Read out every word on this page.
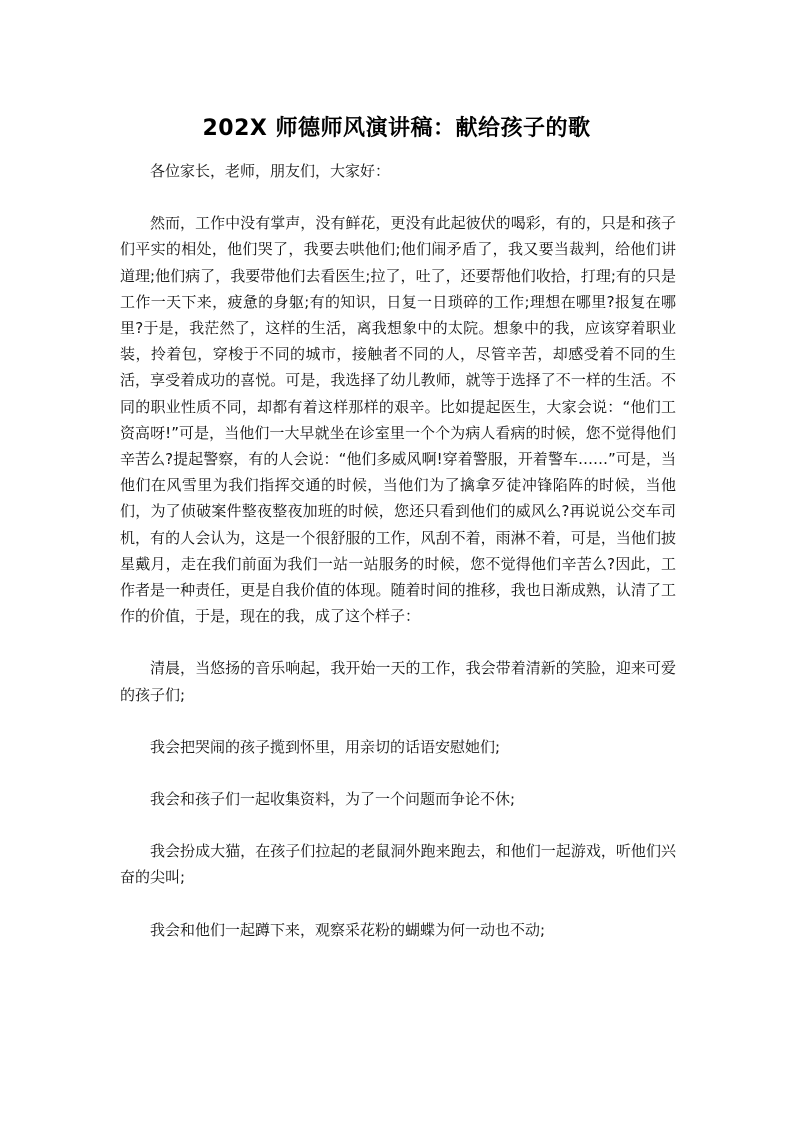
202X 师德师风演讲稿：献给孩子的歌

各位家长，老师，朋友们，大家好：

然而，工作中没有掌声，没有鲜花，更没有此起彼伏的喝彩，有的，只是和孩子们平实的相处，他们哭了，我要去哄他们;他们闹矛盾了，我又要当裁判，给他们讲道理;他们病了，我要带他们去看医生;拉了，吐了，还要帮他们收拾，打理;有的只是工作一天下来，疲惫的身躯;有的知识，日复一日琐碎的工作;理想在哪里?报复在哪里?于是，我茫然了，这样的生活，离我想象中的太院。想象中的我，应该穿着职业装，拎着包，穿梭于不同的城市，接触者不同的人，尽管辛苦，却感受着不同的生活，享受着成功的喜悦。可是，我选择了幼儿教师，就等于选择了不一样的生活。不同的职业性质不同，却都有着这样那样的艰辛。比如提起医生，大家会说：“他们工资高呀!”可是，当他们一大早就坐在诊室里一个个为病人看病的时候，您不觉得他们辛苦么?提起警察，有的人会说：“他们多威风啊!穿着警服，开着警车……”可是，当他们在风雪里为我们指挥交通的时候，当他们为了擒拿歹徒冲锋陷阵的时候，当他们，为了侦破案件整夜整夜加班的时候，您还只看到他们的威风么?再说说公交车司机，有的人会认为，这是一个很舒服的工作，风刮不着，雨淋不着，可是，当他们披星戴月，走在我们前面为我们一站一站服务的时候，您不觉得他们辛苦么?因此，工作者是一种责任，更是自我价值的体现。随着时间的推移，我也日渐成熟，认清了工作的价值，于是，现在的我，成了这个样子：

清晨，当悠扬的音乐响起，我开始一天的工作，我会带着清新的笑脸，迎来可爱的孩子们;

我会把哭闹的孩子揽到怀里，用亲切的话语安慰她们;

我会和孩子们一起收集资料，为了一个问题而争论不休;

我会扮成大猫，在孩子们拉起的老鼠洞外跑来跑去，和他们一起游戏，听他们兴奋的尖叫;

我会和他们一起蹲下来，观察采花粉的蝴蝶为何一动也不动;
